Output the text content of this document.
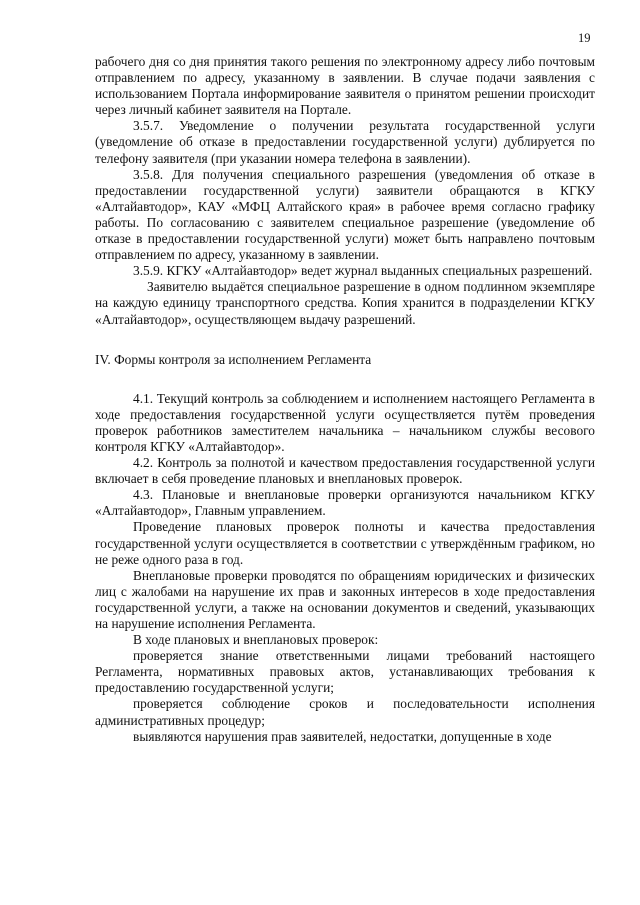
19

рабочего дня со дня принятия такого решения по электронному адресу либо почтовым отправлением по адресу, указанному в заявлении. В случае подачи заявления с использованием Портала информирование заявителя о принятом решении происходит через личный кабинет заявителя на Портале.

3.5.7. Уведомление о получении результата государственной услуги (уведомление об отказе в предоставлении государственной услуги) дублируется по телефону заявителя (при указании номера телефона в заявлении).

3.5.8. Для получения специального разрешения (уведомления об отказе в предоставлении государственной услуги) заявители обращаются в КГКУ «Алтайавтодор», КАУ «МФЦ Алтайского края» в рабочее время согласно графику работы. По согласованию с заявителем специальное разрешение (уведомление об отказе в предоставлении государственной услуги) может быть направлено почтовым отправлением по адресу, указанному в заявлении.

3.5.9. КГКУ «Алтайавтодор» ведет журнал выданных специальных разрешений.

Заявителю выдаётся специальное разрешение в одном подлинном экземпляре на каждую единицу транспортного средства. Копия хранится в подразделении КГКУ «Алтайавтодор», осуществляющем выдачу разрешений.

IV. Формы контроля за исполнением Регламента

4.1. Текущий контроль за соблюдением и исполнением настоящего Регламента в ходе предоставления государственной услуги осуществляется путём проведения проверок работников заместителем начальника – начальником службы весового контроля КГКУ «Алтайавтодор».

4.2. Контроль за полнотой и качеством предоставления государственной услуги включает в себя проведение плановых и внеплановых проверок.

4.3. Плановые и внеплановые проверки организуются начальником КГКУ «Алтайавтодор», Главным управлением.

Проведение плановых проверок полноты и качества предоставления государственной услуги осуществляется в соответствии с утверждённым графиком, но не реже одного раза в год.

Внеплановые проверки проводятся по обращениям юридических и физических лиц с жалобами на нарушение их прав и законных интересов в ходе предоставления государственной услуги, а также на основании документов и сведений, указывающих на нарушение исполнения Регламента.

В ходе плановых и внеплановых проверок:

проверяется знание ответственными лицами требований настоящего Регламента, нормативных правовых актов, устанавливающих требования к предоставлению государственной услуги;

проверяется соблюдение сроков и последовательности исполнения административных процедур;

выявляются нарушения прав заявителей, недостатки, допущенные в ходе
